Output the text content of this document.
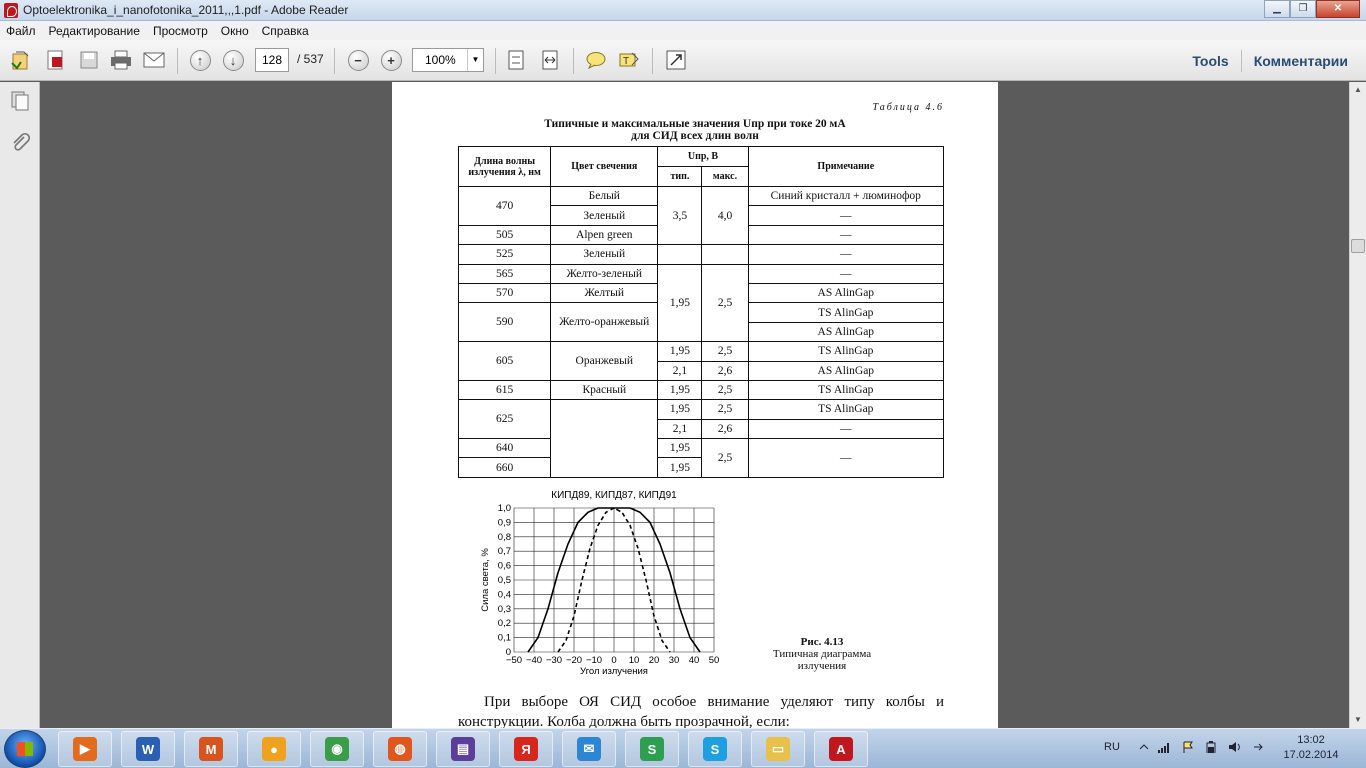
Optoelektronika_i_nanofotonika_2011,,,1.pdf - Adobe Reader	▁	❐	✕
Файл Редактирование Просмотр Окно Справка
↑	↓	−	+	T
128	/ 537	100%	▼	Tools	Комментарии
▲
▼
Таблица 4.6
Типичные и максимальные значения Uпр при токе 20 мА
для СИД всех длин волн
Длина волны излучения λ, нм	Цвет свечения	Uпр, В		Примечание
		тип.	макс.	
470	Белый	3,5	4,0	Синий кристалл + люминофор
	Зеленый			—
505	Alpen green			—
525	Зеленый			—
565	Желто-зеленый	1,95	2,5	—
570	Желтый			AS AlinGap
590	Желто-оранжевый			TS AlinGap
				AS AlinGap
605	Оранжевый	1,95	2,5	TS AlinGap
		2,1	2,6	AS AlinGap
615	Красный	1,95	2,5	TS AlinGap
625		1,95	2,5	TS AlinGap
		2,1	2,6	—
640		1,95	2,5	—
660		1,95		
КИПД89, КИПД87, КИПД91
−50 −40 −30 −20 −10 0 10 20 30 40 50
0
0,1
0,2
0,3
0,4
0,5
0,6
0,7
0,8
0,9
1,0
Угол излучения
Сила света, %
Рис. 4.13
Типичная диаграмма
излучения
При выборе ОЯ СИД особое внимание уделяют типу колбы и конструкции. Колба должна быть прозрачной, если:
▶	W	M	●	◉	◍	▤	Я	✉	S	S	▭	A	RU
13:02
17.02.2014
